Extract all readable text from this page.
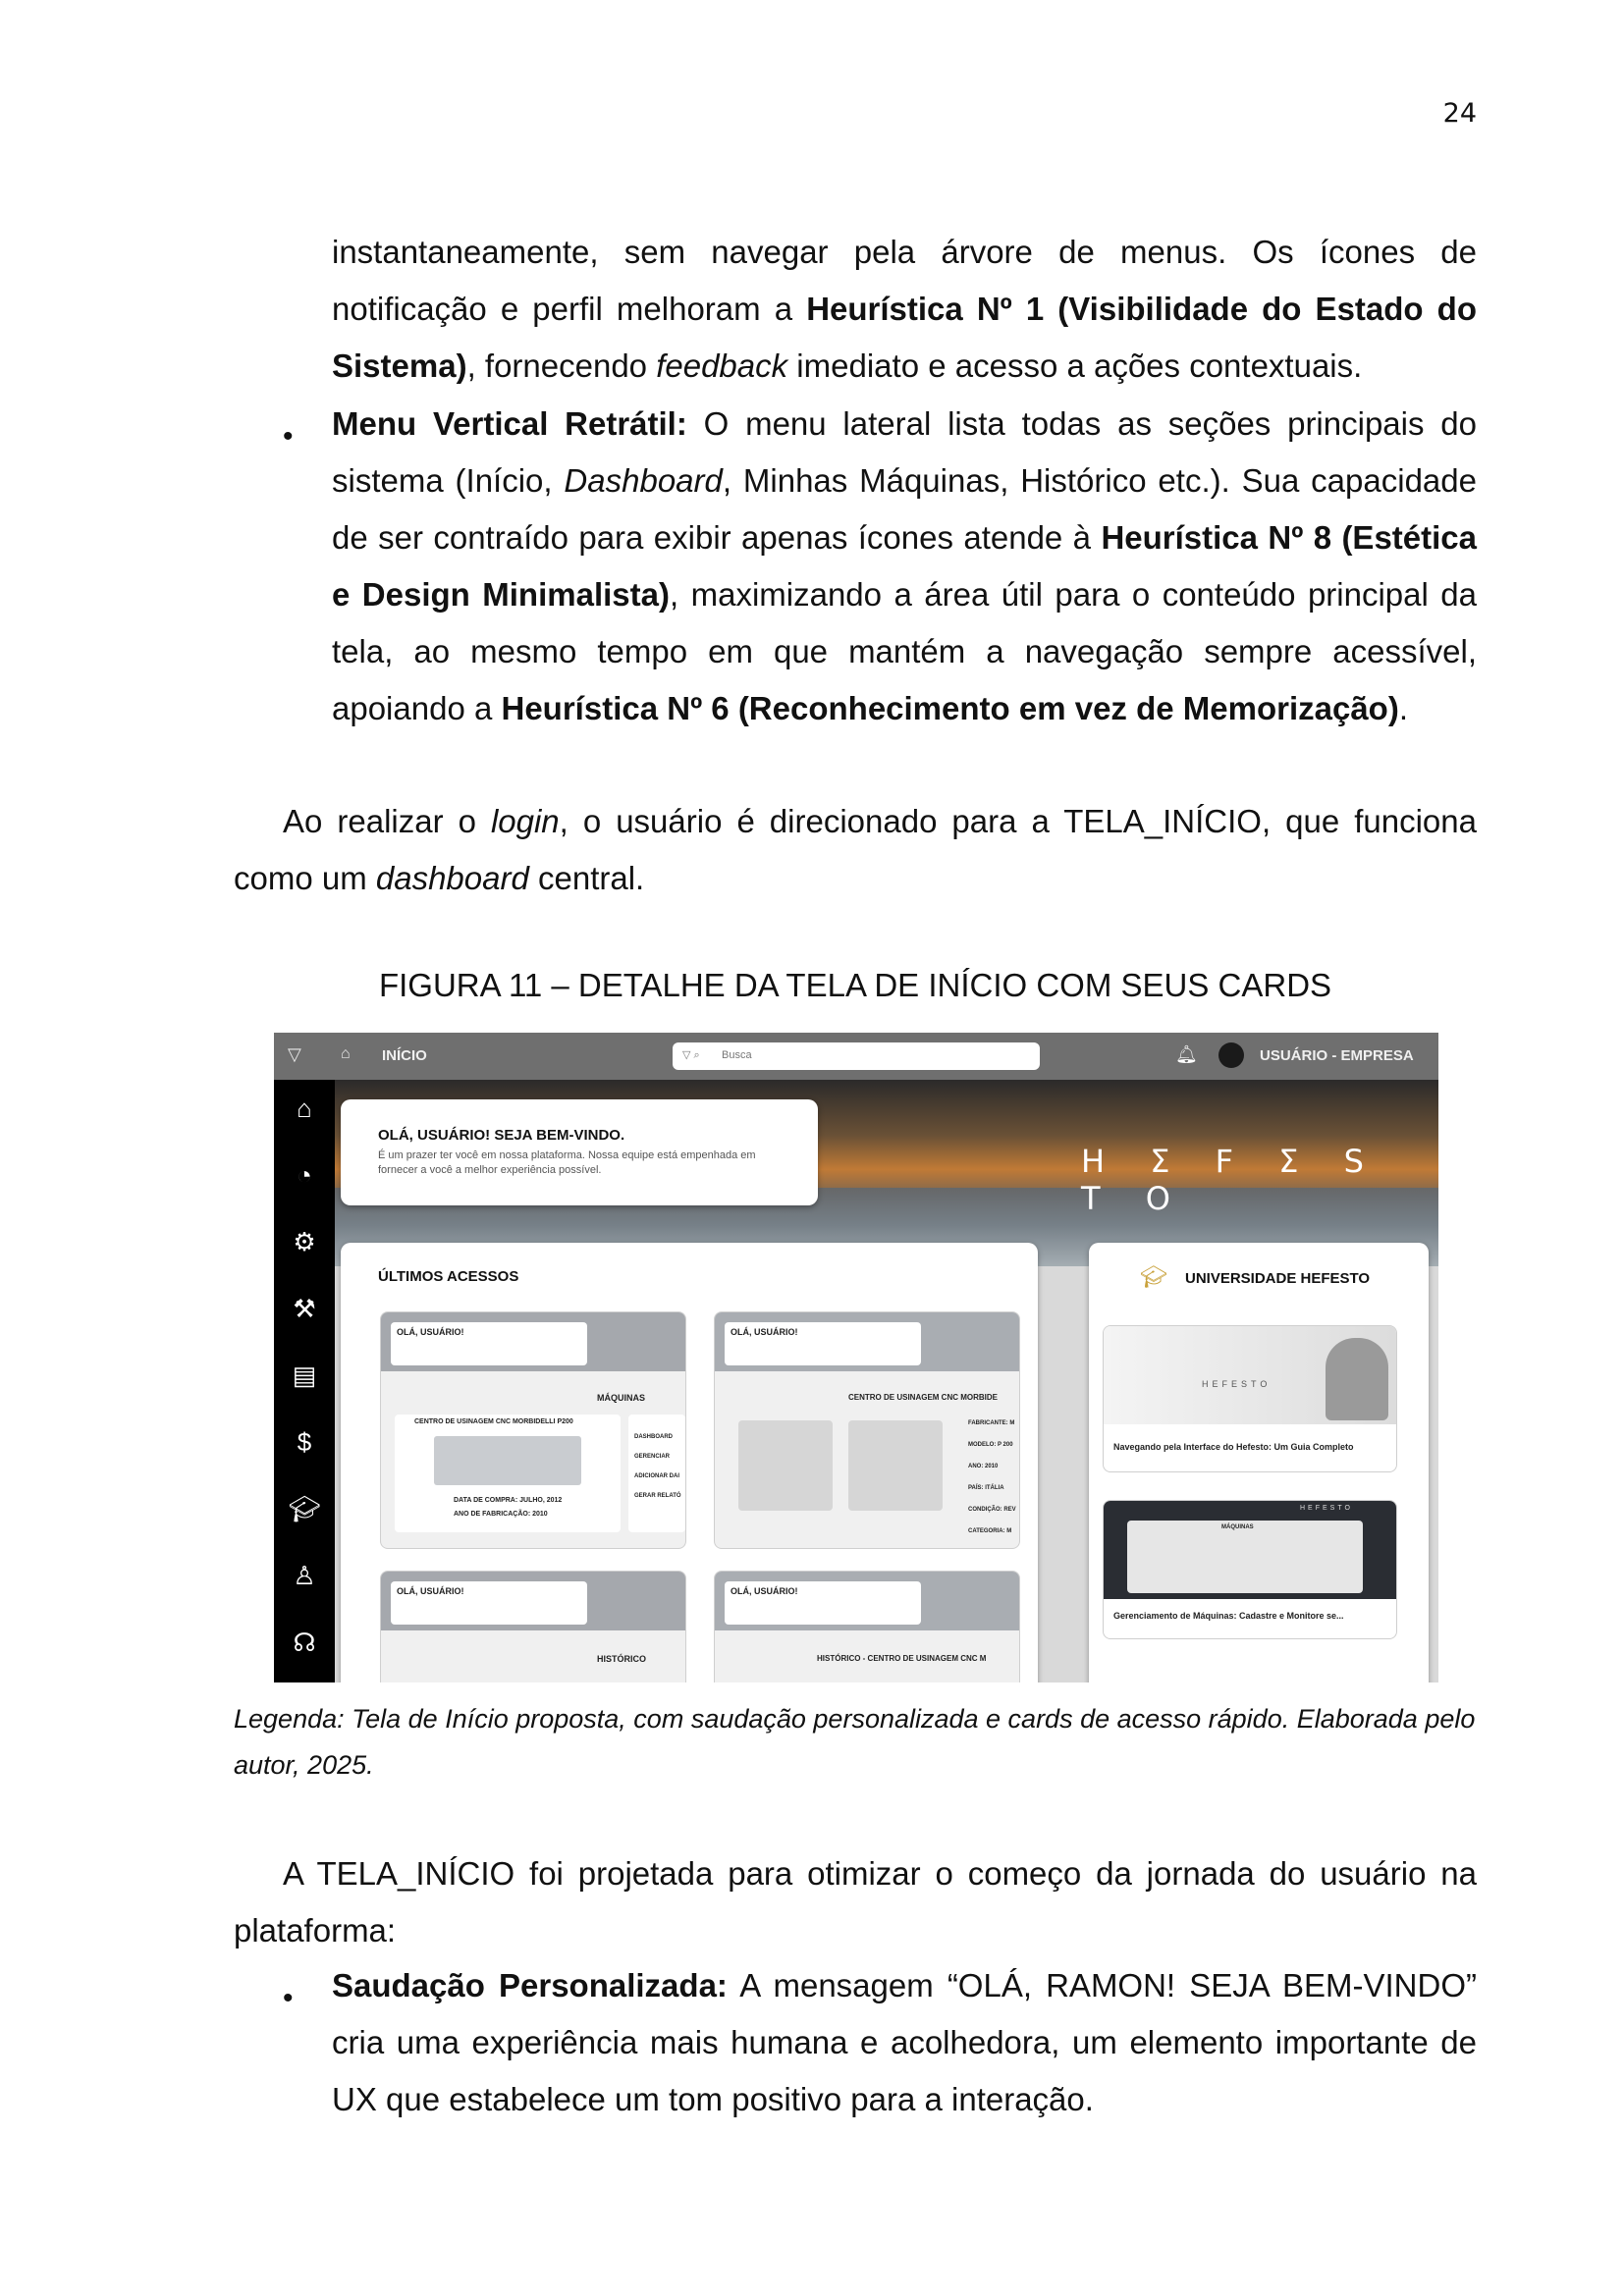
24
instantaneamente, sem navegar pela árvore de menus. Os ícones de notificação e perfil melhoram a Heurística Nº 1 (Visibilidade do Estado do Sistema), fornecendo feedback imediato e acesso a ações contextuais.
• Menu Vertical Retrátil: O menu lateral lista todas as seções principais do sistema (Início, Dashboard, Minhas Máquinas, Histórico etc.). Sua capacidade de ser contraído para exibir apenas ícones atende à Heurística Nº 8 (Estética e Design Minimalista), maximizando a área útil para o conteúdo principal da tela, ao mesmo tempo em que mantém a navegação sempre acessível, apoiando a Heurística Nº 6 (Reconhecimento em vez de Memorização).
Ao realizar o login, o usuário é direcionado para a TELA_INÍCIO, que funciona como um dashboard central.
FIGURA 11 – DETALHE DA TELA DE INÍCIO COM SEUS CARDS
▽	⌂ INÍCIO	▽ ⌕ Busca	🔔︎	USUÁRIO - EMPRESA
⌂
◔
⚙
⚒
▤
$
🎓︎
♙
☊
H Σ F Σ S T O
OLÁ, USUÁRIO! SEJA BEM-VINDO.
É um prazer ter você em nossa plataforma. Nossa equipe está empenhada em fornecer a você a melhor experiência possível.
ÚLTIMOS ACESSOS
OLÁ, USUÁRIO!
MÁQUINAS
CENTRO DE USINAGEM CNC MORBIDELLI P200
DATA DE COMPRA: JULHO, 2012
ANO DE FABRICAÇÃO: 2010
DASHBOARD
GERENCIAR
ADICIONAR DAI
GERAR RELATÓ
OLÁ, USUÁRIO!
CENTRO DE USINAGEM CNC MORBIDE
FABRICANTE: M
MODELO: P 200
ANO: 2010
PAÍS: ITÁLIA
CONDIÇÃO: REV
CATEGORIA: M
OLÁ, USUÁRIO!
HISTÓRICO
OLÁ, USUÁRIO!
HISTÓRICO - CENTRO DE USINAGEM CNC M
🎓︎ UNIVERSIDADE HEFESTO
HEFESTO
Navegando pela Interface do Hefesto: Um Guia Completo
MÁQUINAS
HEFESTO
Gerenciamento de Máquinas: Cadastre e Monitore se...
Legenda: Tela de Início proposta, com saudação personalizada e cards de acesso rápido. Elaborada pelo autor, 2025.
A TELA_INÍCIO foi projetada para otimizar o começo da jornada do usuário na plataforma:
• Saudação Personalizada: A mensagem “OLÁ, RAMON! SEJA BEM-VINDO” cria uma experiência mais humana e acolhedora, um elemento importante de UX que estabelece um tom positivo para a interação.
